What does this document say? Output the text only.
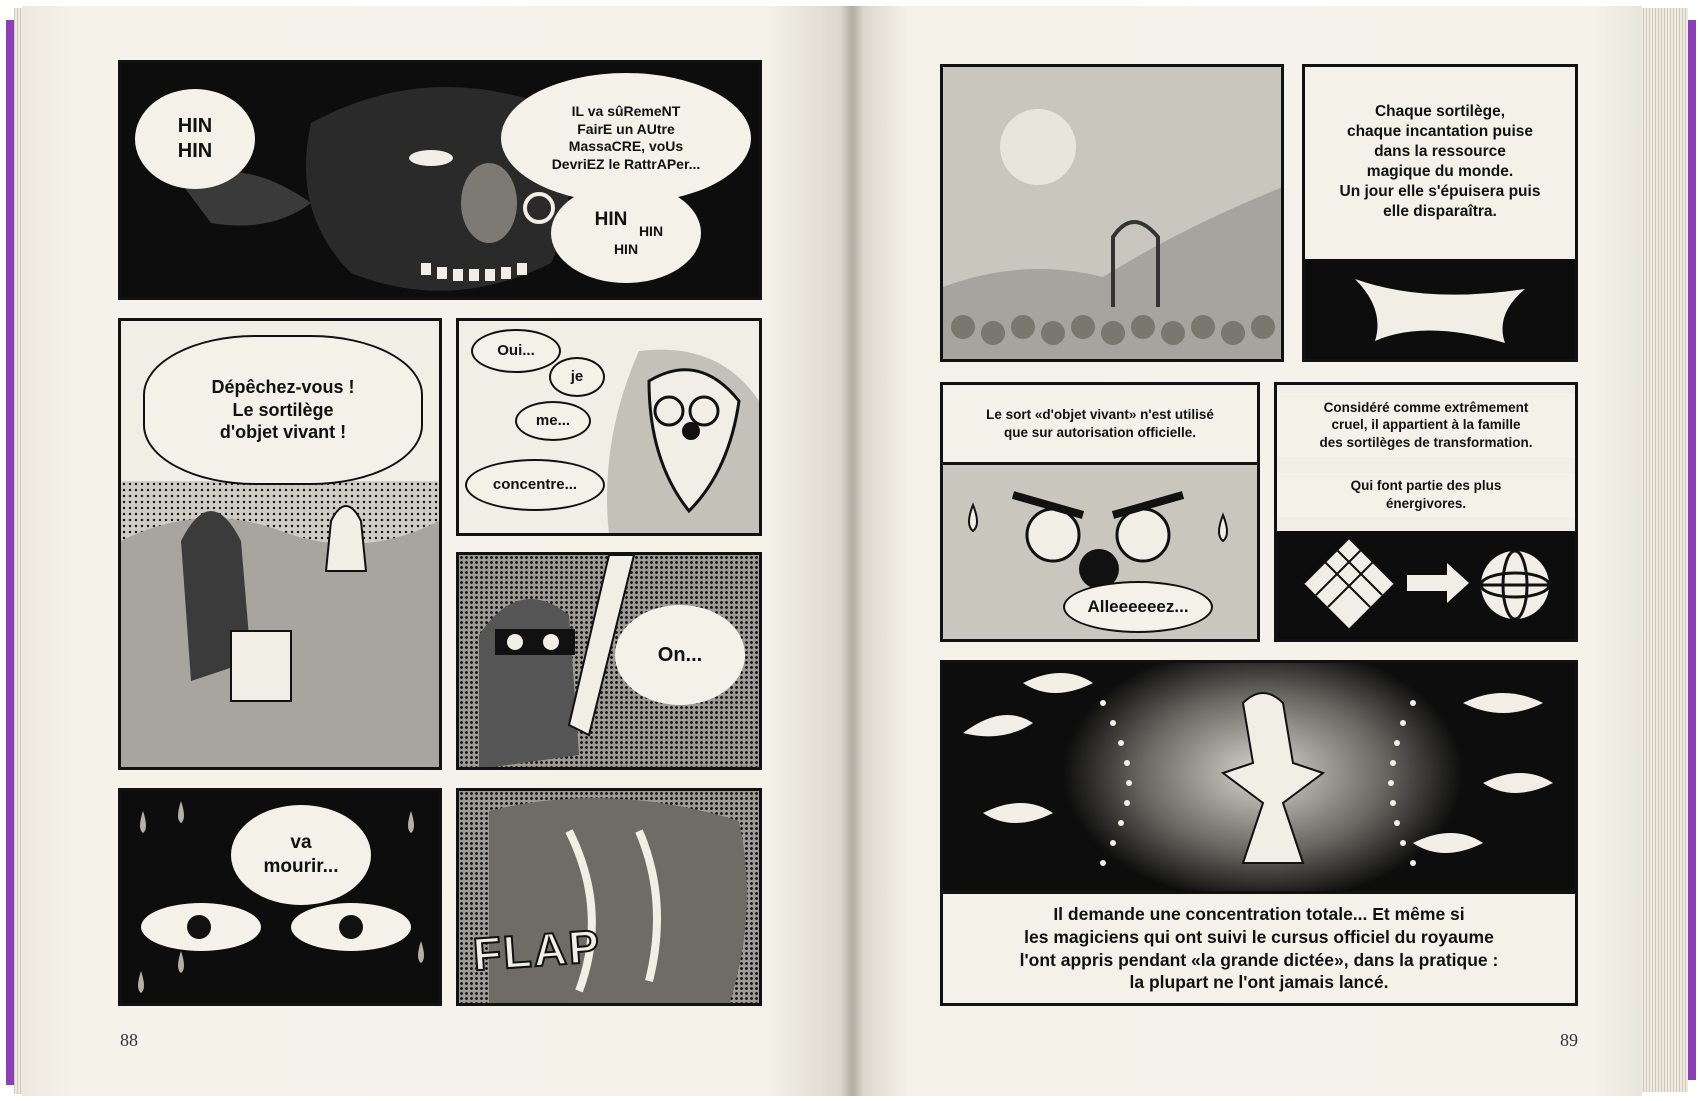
HIN
HIN
IL va sûRemeNT
FairE un AUtre
MassaCRE, voUs
DevriEZ le RattrAPer...
HIN
HIN
HIN
Dépêchez-vous !
Le sortilège
d'objet vivant !
Oui...
je
me...
concentre...
On...
va
mourir...
FLAP
88
Chaque sortilège,
chaque incantation puise
dans la ressource
magique du monde.
Un jour elle s'épuisera puis
elle disparaîtra.
Le sort «d'objet vivant» n'est utilisé
que sur autorisation officielle.
Alleeeeeez...
Considéré comme extrêmement
cruel, il appartient à la famille
des sortilèges de transformation.
Qui font partie des plus
énergivores.
Il demande une concentration totale... Et même si
les magiciens qui ont suivi le cursus officiel du royaume
l'ont appris pendant «la grande dictée», dans la pratique :
la plupart ne l'ont jamais lancé.
89
